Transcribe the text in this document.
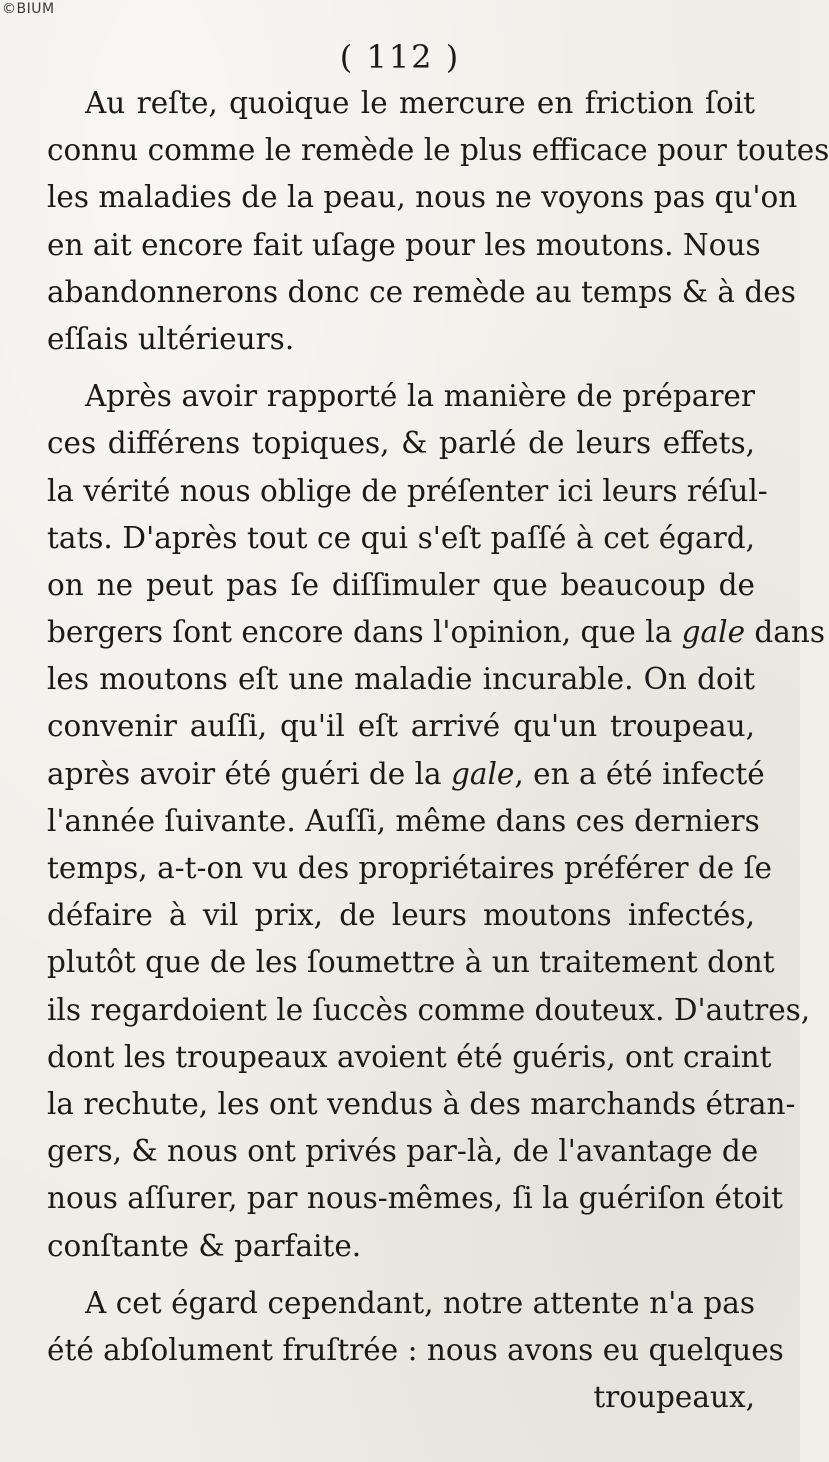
©BIUM
( 112 )
Au reſte, quoique le mercure en friction ſoit
connu comme le remède le plus efficace pour toutes
les maladies de la peau, nous ne voyons pas qu'on
en ait encore fait uſage pour les moutons. Nous
abandonnerons donc ce remède au temps & à des
eſſais ultérieurs.
Après avoir rapporté la manière de préparer
ces différens topiques, & parlé de leurs effets,
la vérité nous oblige de préſenter ici leurs réſul-
tats. D'après tout ce qui s'eſt paſſé à cet égard,
on ne peut pas ſe diſſimuler que beaucoup de
bergers ſont encore dans l'opinion, que la gale dans
les moutons eſt une maladie incurable. On doit
convenir auſſi, qu'il eſt arrivé qu'un troupeau,
après avoir été guéri de la gale, en a été infecté
l'année ſuivante. Auſſi, même dans ces derniers
temps, a-t-on vu des propriétaires préférer de ſe
défaire à vil prix, de leurs moutons infectés,
plutôt que de les ſoumettre à un traitement dont
ils regardoient le ſuccès comme douteux. D'autres,
dont les troupeaux avoient été guéris, ont craint
la rechute, les ont vendus à des marchands étran-
gers, & nous ont privés par-là, de l'avantage de
nous aſſurer, par nous-mêmes, ſi la guériſon étoit
conſtante & parfaite.
A cet égard cependant, notre attente n'a pas
été abſolument fruſtrée : nous avons eu quelques
troupeaux,
